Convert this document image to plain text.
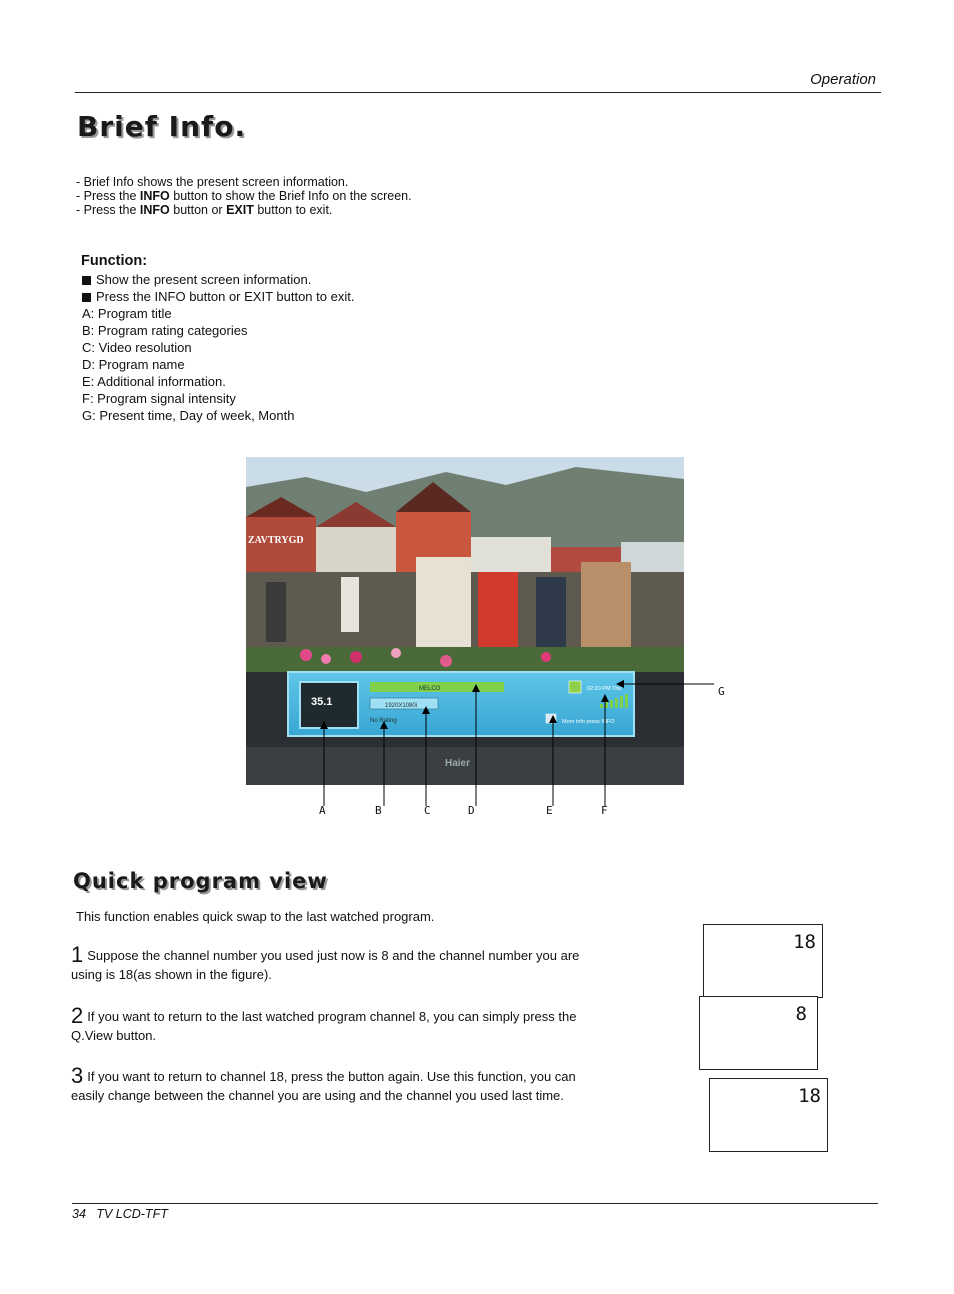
Operation
Brief Info.
- Brief Info shows the present screen information.
- Press the INFO button to show the Brief Info on the screen.
- Press the INFO button or EXIT button to exit.
Function:
Show the present screen information.
Press the INFO button or EXIT button to exit.
A: Program title
B: Program rating categories
C: Video resolution
D: Program name
E: Additional information.
F: Program signal intensity
G: Present time, Day of week, Month
ZAVTRYGD
Haier
35.1
MELCO
1920X1080i
No Rating
02:20 PM Thu
More info press INFO
A	B	C	D	E	F
G
Quick program view
This function enables quick swap to the last watched program.
1 Suppose the channel number you used just now is 8 and the channel number you are using is 18(as shown in the figure).
2 If you want to return to the last watched program channel 8, you can simply press the Q.View button.
3 If you want to return to channel 18, press the button again. Use this function, you can easily change between the channel you are using and the channel you used last time.
18
8
18
34   TV LCD-TFT
